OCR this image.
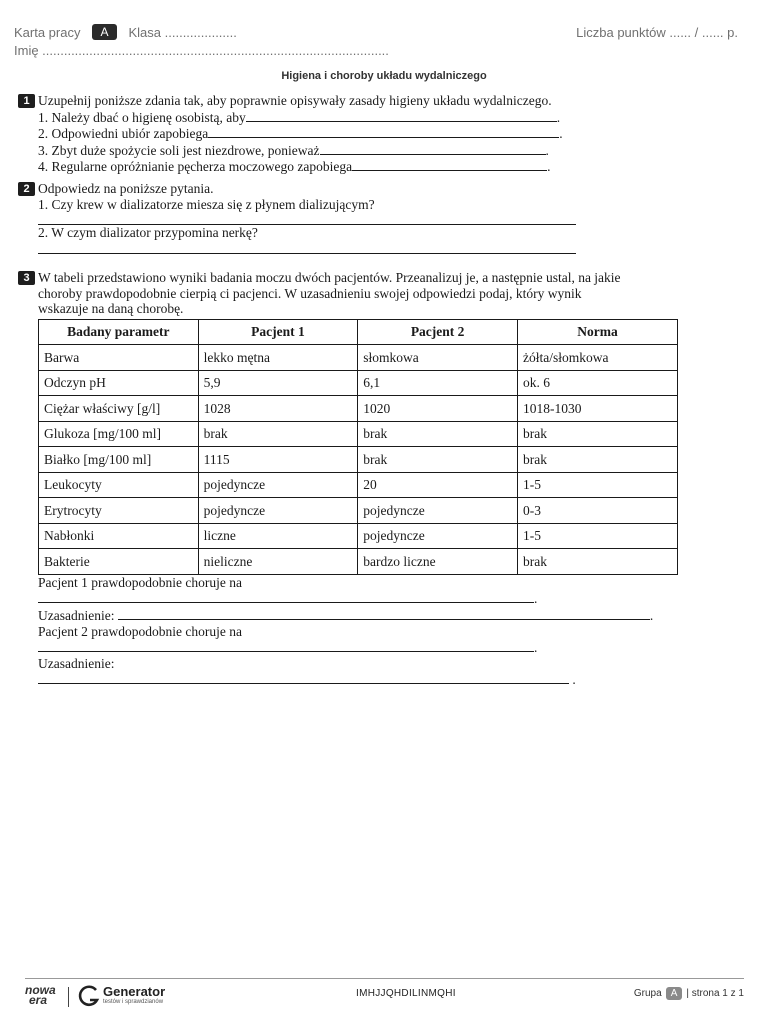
Karta pracy	A	Klasa ....................	Liczba punktów ...... / ...... p.
Imię ................................................................................................
Higiena i choroby układu wydalniczego
1 Uzupełnij poniższe zdania tak, aby poprawnie opisywały zasady higieny układu wydalniczego.
1. Należy dbać o higienę osobistą, aby	.
2. Odpowiedni ubiór zapobiega	.
3. Zbyt duże spożycie soli jest niezdrowe, ponieważ	.
4. Regularne opróżnianie pęcherza moczowego zapobiega	.
2 Odpowiedz na poniższe pytania.
1. Czy krew w dializatorze miesza się z płynem dializującym?
2. W czym dializator przypomina nerkę?
3 W tabeli przedstawiono wyniki badania moczu dwóch pacjentów. Przeanalizuj je, a następnie ustal, na jakie
choroby prawdopodobnie cierpią ci pacjenci. W uzasadnieniu swojej odpowiedzi podaj, który wynik
wskazuje na daną chorobę.
Badany parametr	Pacjent 1	Pacjent 2	Norma
Barwa	lekko mętna	słomkowa	żółta/słomkowa
Odczyn pH	5,9	6,1	ok. 6
Ciężar właściwy [g/l]	1028	1020	1018-1030
Glukoza [mg/100 ml]	brak	brak	brak
Białko [mg/100 ml]	1115	brak	brak
Leukocyty	pojedyncze	20	1-5
Erytrocyty	pojedyncze	pojedyncze	0-3
Nabłonki	liczne	pojedyncze	1-5
Bakterie	nieliczne	bardzo liczne	brak
Pacjent 1 prawdopodobnie choruje na
.
Uzasadnienie:	.
Pacjent 2 prawdopodobnie choruje na
.
Uzasadnienie:
.
nowa
era
Generator
testów i sprawdzianów
IMHJJQHDILINMQHI	Grupa A | strona 1 z 1
